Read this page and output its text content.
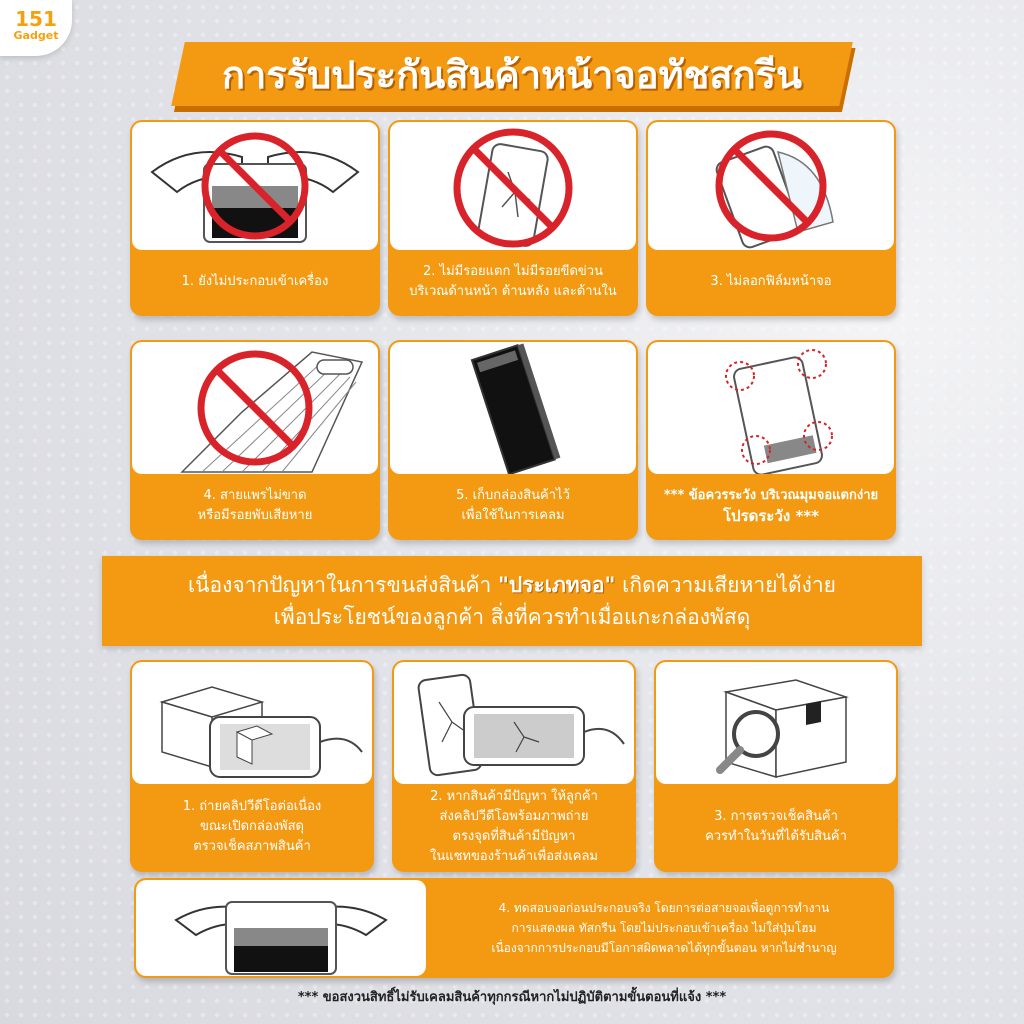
151
Gadget
การรับประกันสินค้าหน้าจอทัชสกรีน
1. ยังไม่ประกอบเข้าเครื่อง
2. ไม่มีรอยแตก ไม่มีรอยขีดข่วน
บริเวณด้านหน้า ด้านหลัง และด้านใน
3. ไม่ลอกฟิล์มหน้าจอ
4. สายแพรไม่ขาด
หรือมีรอยพับเสียหาย
5. เก็บกล่องสินค้าไว้
เพื่อใช้ในการเคลม
*** ข้อควรระวัง บริเวณมุมจอแตกง่าย
โปรดระวัง ***
เนื่องจากปัญหาในการขนส่งสินค้า "ประเภทจอ" เกิดความเสียหายได้ง่าย
เพื่อประโยชน์ของลูกค้า สิ่งที่ควรทำเมื่อแกะกล่องพัสดุ
1. ถ่ายคลิปวีดีโอต่อเนื่อง
ขณะเปิดกล่องพัสดุ
ตรวจเช็คสภาพสินค้า
2. หากสินค้ามีปัญหา ให้ลูกค้า
ส่งคลิปวีดีโอพร้อมภาพถ่าย
ตรงจุดที่สินค้ามีปัญหา
ในแชทของร้านค้าเพื่อส่งเคลม
3. การตรวจเช็คสินค้า
ควรทำในวันที่ได้รับสินค้า
4. ทดสอบจอก่อนประกอบจริง โดยการต่อสายจอเพื่อดูการทำงาน
การแสดงผล ทัสกรีน โดยไม่ประกอบเข้าเครื่อง ไม่ใส่ปุ่มโฮม
เนื่องจากการประกอบมีโอกาสผิดพลาดได้ทุกขั้นตอน หากไม่ชำนาญ
*** ขอสงวนสิทธิ์ไม่รับเคลมสินค้าทุกกรณีหากไม่ปฏิบัติตามขั้นตอนที่แจ้ง ***
